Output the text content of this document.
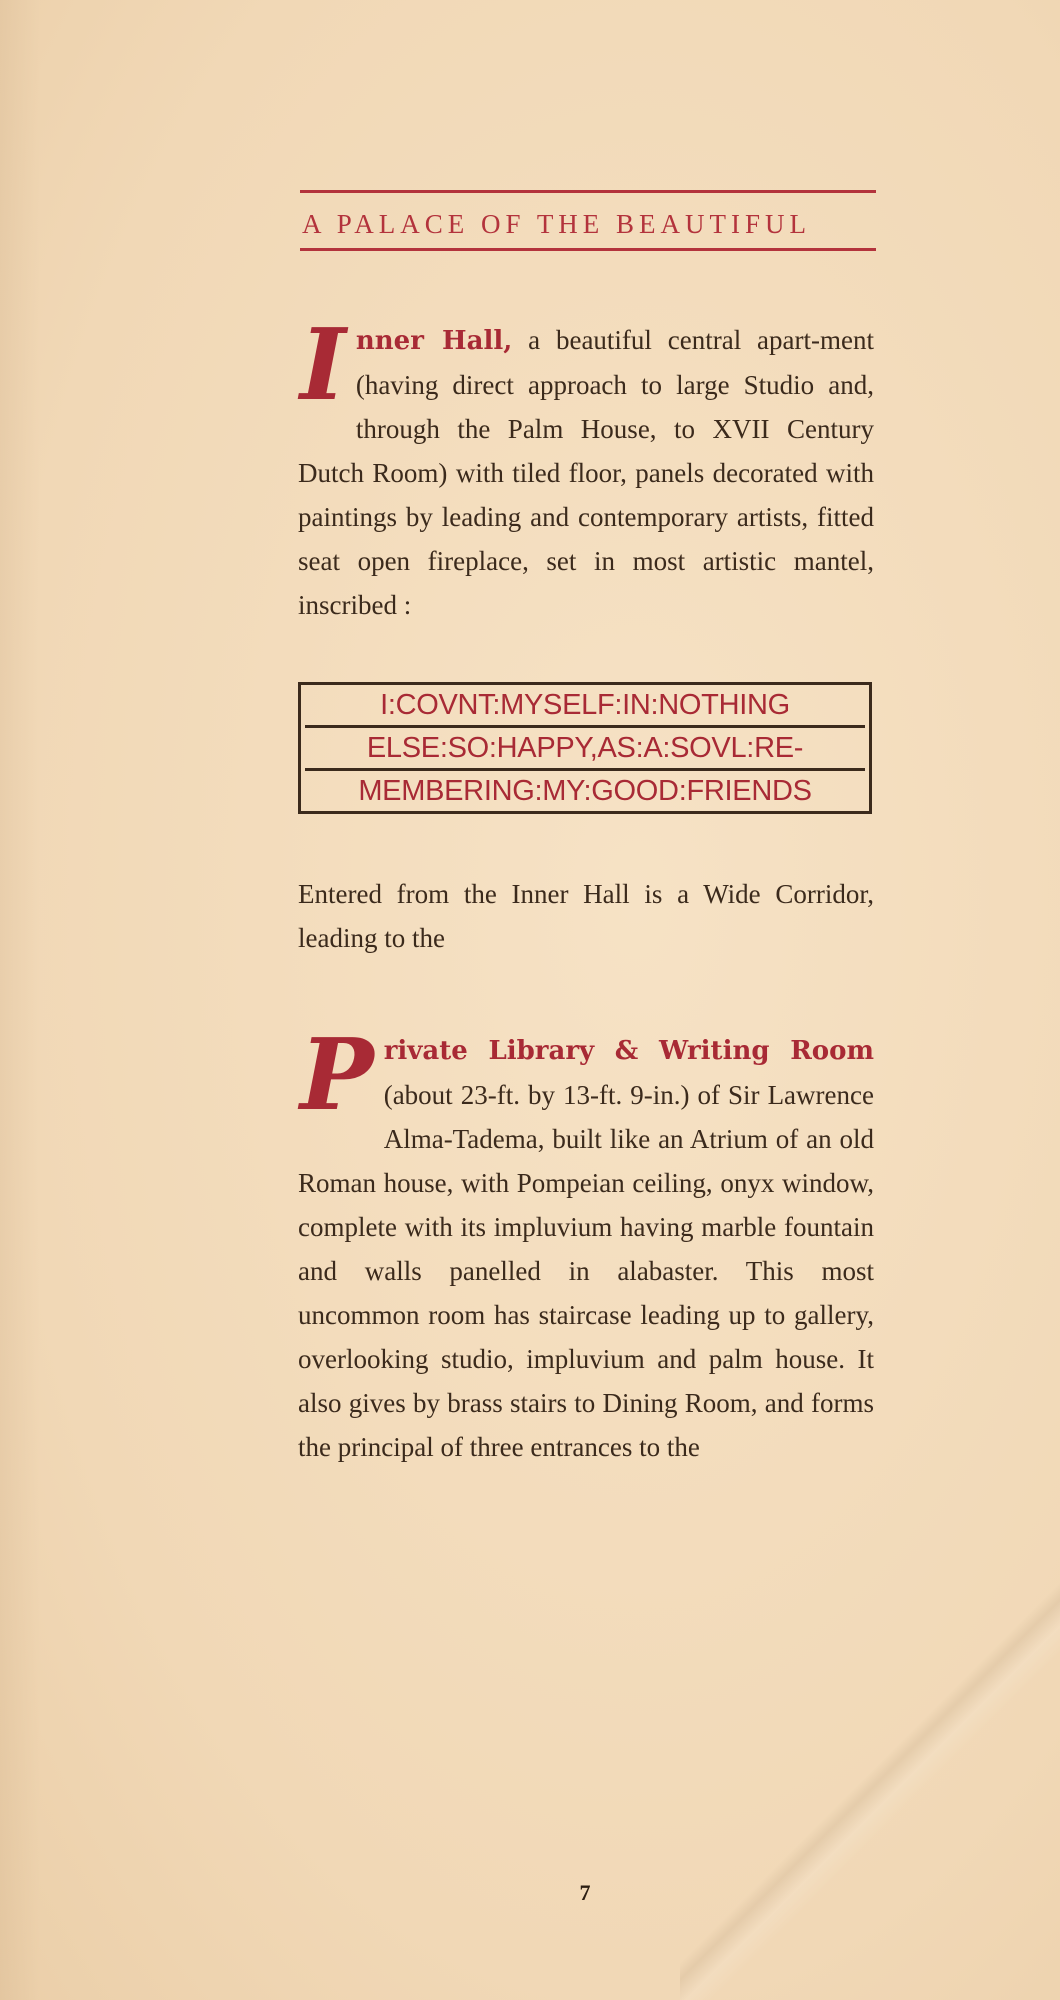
A PALACE OF THE BEAUTIFUL
I nner Hall, a beautiful central apart-ment (having direct approach to large Studio and, through the Palm House, to XVII Century Dutch Room) with tiled floor, panels decorated with paintings by leading and contemporary artists, fitted seat open fireplace, set in most artistic mantel, inscribed :
I:COVNT:MYSELF:IN:NOTHING
ELSE:SO:HAPPY,AS:A:SOVL:RE-
MEMBERING:MY:GOOD:FRIENDS
Entered from the Inner Hall is a Wide Corridor, leading to the
P rivate Library & Writing Room (about 23-ft. by 13-ft. 9-in.) of Sir Lawrence Alma-Tadema, built like an Atrium of an old Roman house, with Pompeian ceiling, onyx window, complete with its impluvium having marble fountain and walls panelled in alabaster. This most uncommon room has staircase leading up to gallery, overlooking studio, impluvium and palm house. It also gives by brass stairs to Dining Room, and forms the principal of three entrances to the
7
